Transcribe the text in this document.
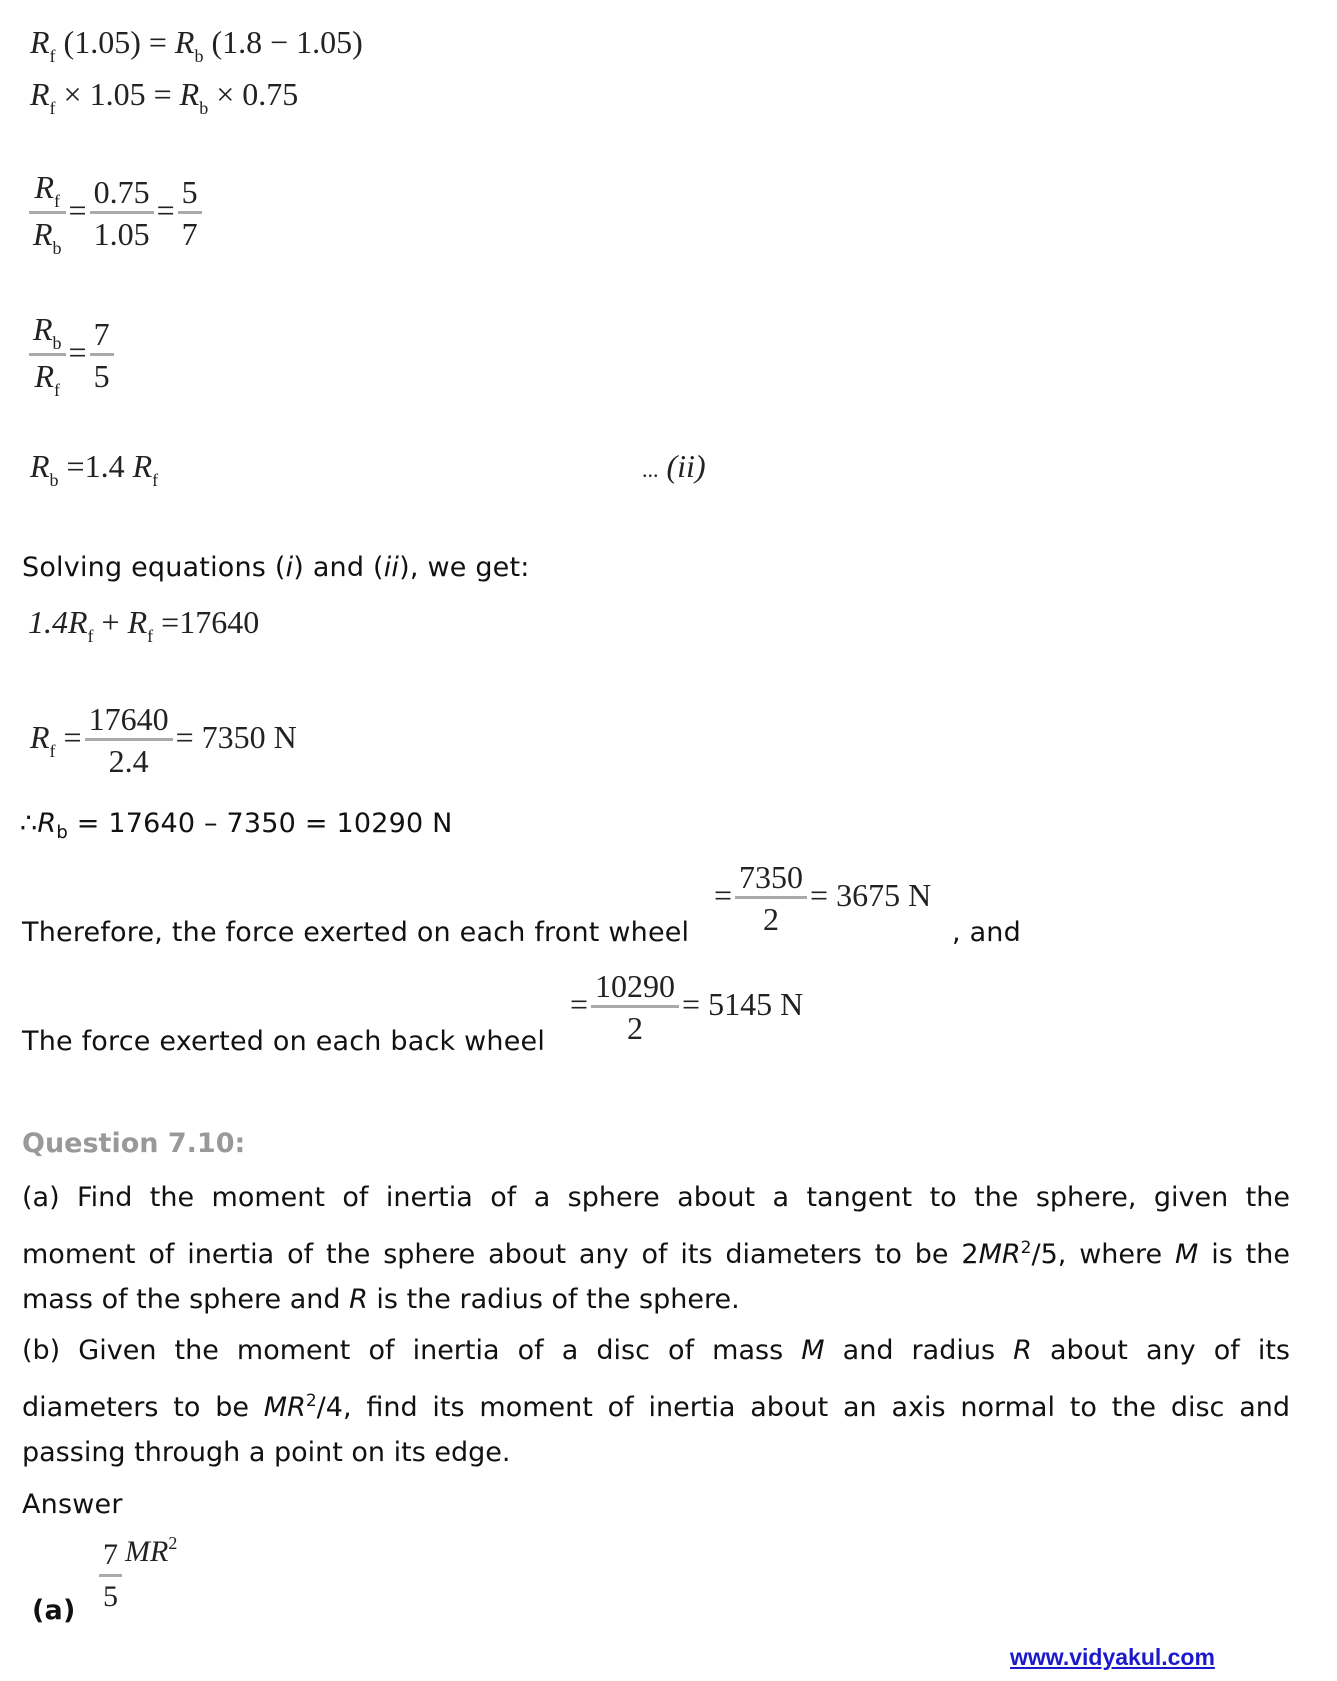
$R_f$ $(1.05) = R_b$ (1.8 − 1.05)
$R_f \times 1.05 = R_b \times 0.75$
$\frac{R_f}{R_b} = \frac{0.75}{1.05} = \frac{5}{7}$
$\frac{R_b}{R_f} = \frac{7}{5}$
$R_b =1.4$ $R_f$	... (ii)
Solving equations (i) and (ii), we get:
$1.4R_f + R_f =17640$
$R_f = \frac{17640}{2.4} = 7350$ N
$\therefore R_b = 17640 - 7350 = 10290$ N
Therefore, the force exerted on each front wheel
= $\frac{7350}{2} = 3675$ N
, and
The force exerted on each back wheel
= $\frac{10290}{2} = 5145$ N
Question 7.10:
(a) Find the moment of inertia of a sphere about a tangent to the sphere, given the
moment of inertia of the sphere about any of its diameters to be $2MR^2/5$, where M is the
mass of the sphere and R is the radius of the sphere.
(b) Given the moment of inertia of a disc of mass M and radius R about any of its
diameters to be $MR^2/4$, find its moment of inertia about an axis normal to the disc and
passing through a point on its edge.
Answer
$(a) \frac{7}{5} MR^2$
www.vidyakul.com
